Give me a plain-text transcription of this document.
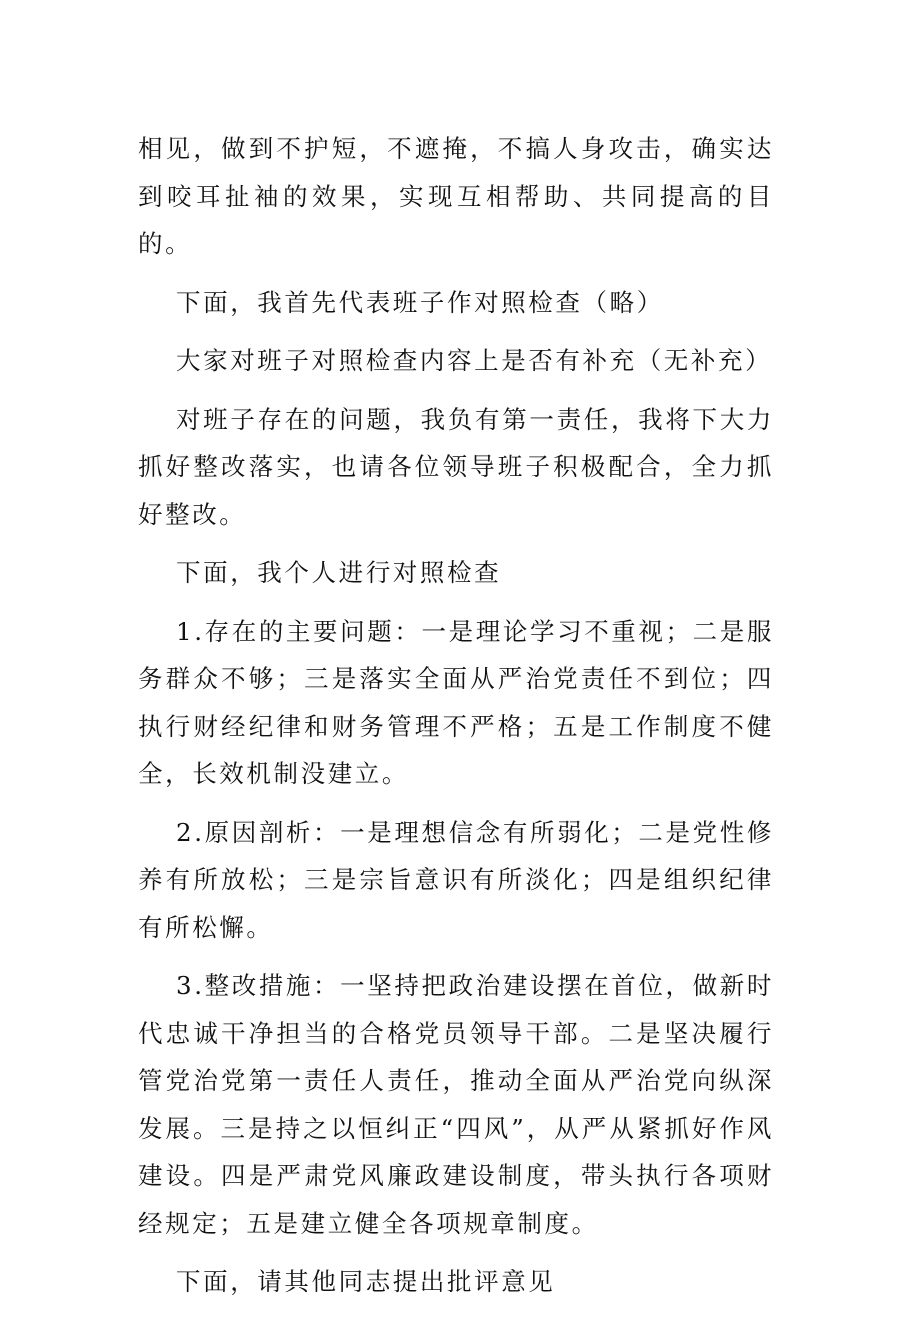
相见，做到不护短，不遮掩，不搞人身攻击，确实达到咬耳扯袖的效果，实现互相帮助、共同提高的目的。

下面，我首先代表班子作对照检查（略）

大家对班子对照检查内容上是否有补充（无补充）

对班子存在的问题，我负有第一责任，我将下大力抓好整改落实，也请各位领导班子积极配合，全力抓好整改。

下面，我个人进行对照检查

1.存在的主要问题：一是理论学习不重视；二是服务群众不够；三是落实全面从严治党责任不到位；四执行财经纪律和财务管理不严格；五是工作制度不健全，长效机制没建立。

2.原因剖析：一是理想信念有所弱化；二是党性修养有所放松；三是宗旨意识有所淡化；四是组织纪律有所松懈。

3.整改措施：一坚持把政治建设摆在首位，做新时代忠诚干净担当的合格党员领导干部。二是坚决履行管党治党第一责任人责任，推动全面从严治党向纵深发展。三是持之以恒纠正“四风”，从严从紧抓好作风建设。四是严肃党风廉政建设制度，带头执行各项财经规定；五是建立健全各项规章制度。

下面，请其他同志提出批评意见
